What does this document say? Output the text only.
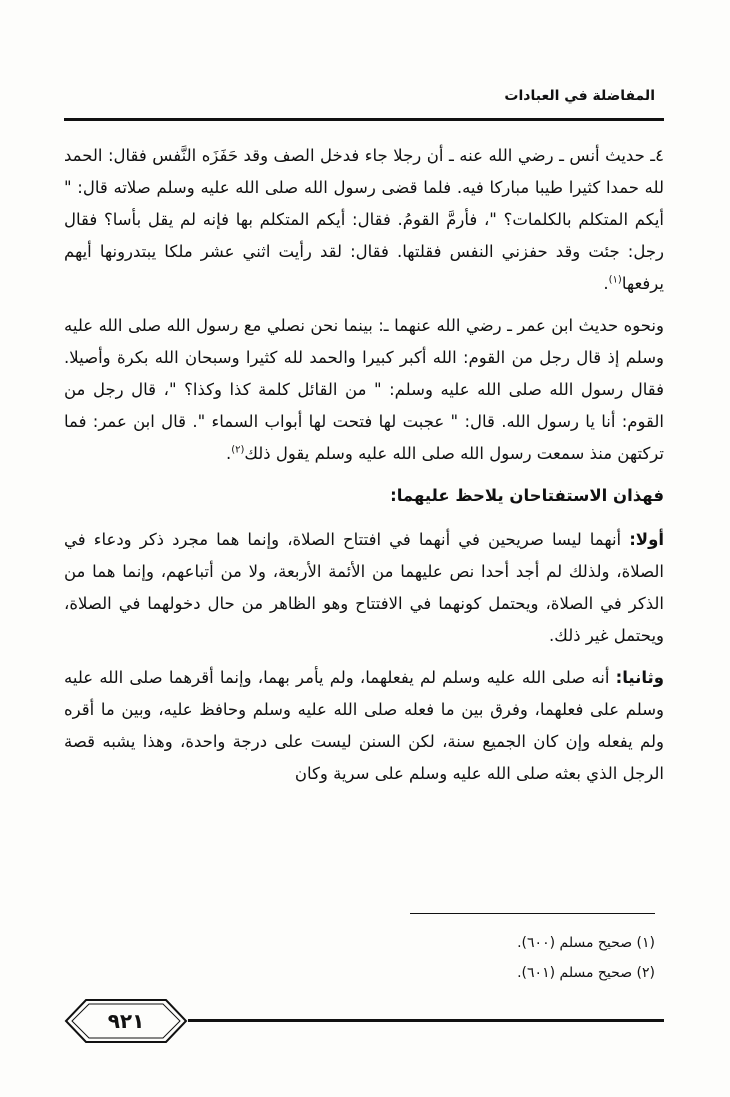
المفاضلة في العبادات

٤ـ حديث أنس ـ رضي الله عنه ـ أن رجلا جاء فدخل الصف وقد حَفَزَه النَّفس فقال: الحمد لله حمدا كثيرا طيبا مباركا فيه. فلما قضى رسول الله صلى الله عليه وسلم صلاته قال: " أيكم المتكلم بالكلمات؟ "، فأرمَّ القومُ. فقال: أيكم المتكلم بها فإنه لم يقل بأسا؟ فقال رجل: جئت وقد حفزني النفس فقلتها. فقال: لقد رأيت اثني عشر ملكا يبتدرونها أيهم يرفعها$^{(١)}$.

ونحوه حديث ابن عمر ـ رضي الله عنهما ـ: بينما نحن نصلي مع رسول الله صلى الله عليه وسلم إذ قال رجل من القوم: الله أكبر كبيرا والحمد لله كثيرا وسبحان الله بكرة وأصيلا. فقال رسول الله صلى الله عليه وسلم: " من القائل كلمة كذا وكذا؟ "، قال رجل من القوم: أنا يا رسول الله. قال: " عجبت لها فتحت لها أبواب السماء ". قال ابن عمر: فما تركتهن منذ سمعت رسول الله صلى الله عليه وسلم يقول ذلك$^{(٢)}$.

فهذان الاستفتاحان يلاحظ عليهما:

أولا: أنهما ليسا صريحين في أنهما في افتتاح الصلاة، وإنما هما مجرد ذكر ودعاء في الصلاة، ولذلك لم أجد أحدا نص عليهما من الأئمة الأربعة، ولا من أتباعهم، وإنما هما من الذكر في الصلاة، ويحتمل كونهما في الافتتاح وهو الظاهر من حال دخولهما في الصلاة، ويحتمل غير ذلك.

وثانيا: أنه صلى الله عليه وسلم لم يفعلهما، ولم يأمر بهما، وإنما أقرهما صلى الله عليه وسلم على فعلهما، وفرق بين ما فعله صلى الله عليه وسلم وحافظ عليه، وبين ما أقره ولم يفعله وإن كان الجميع سنة، لكن السنن ليست على درجة واحدة، وهذا يشبه قصة الرجل الذي بعثه صلى الله عليه وسلم على سرية وكان

(١) صحيح مسلم (٦٠٠).
(٢) صحيح مسلم (٦٠١).
٩٢١
